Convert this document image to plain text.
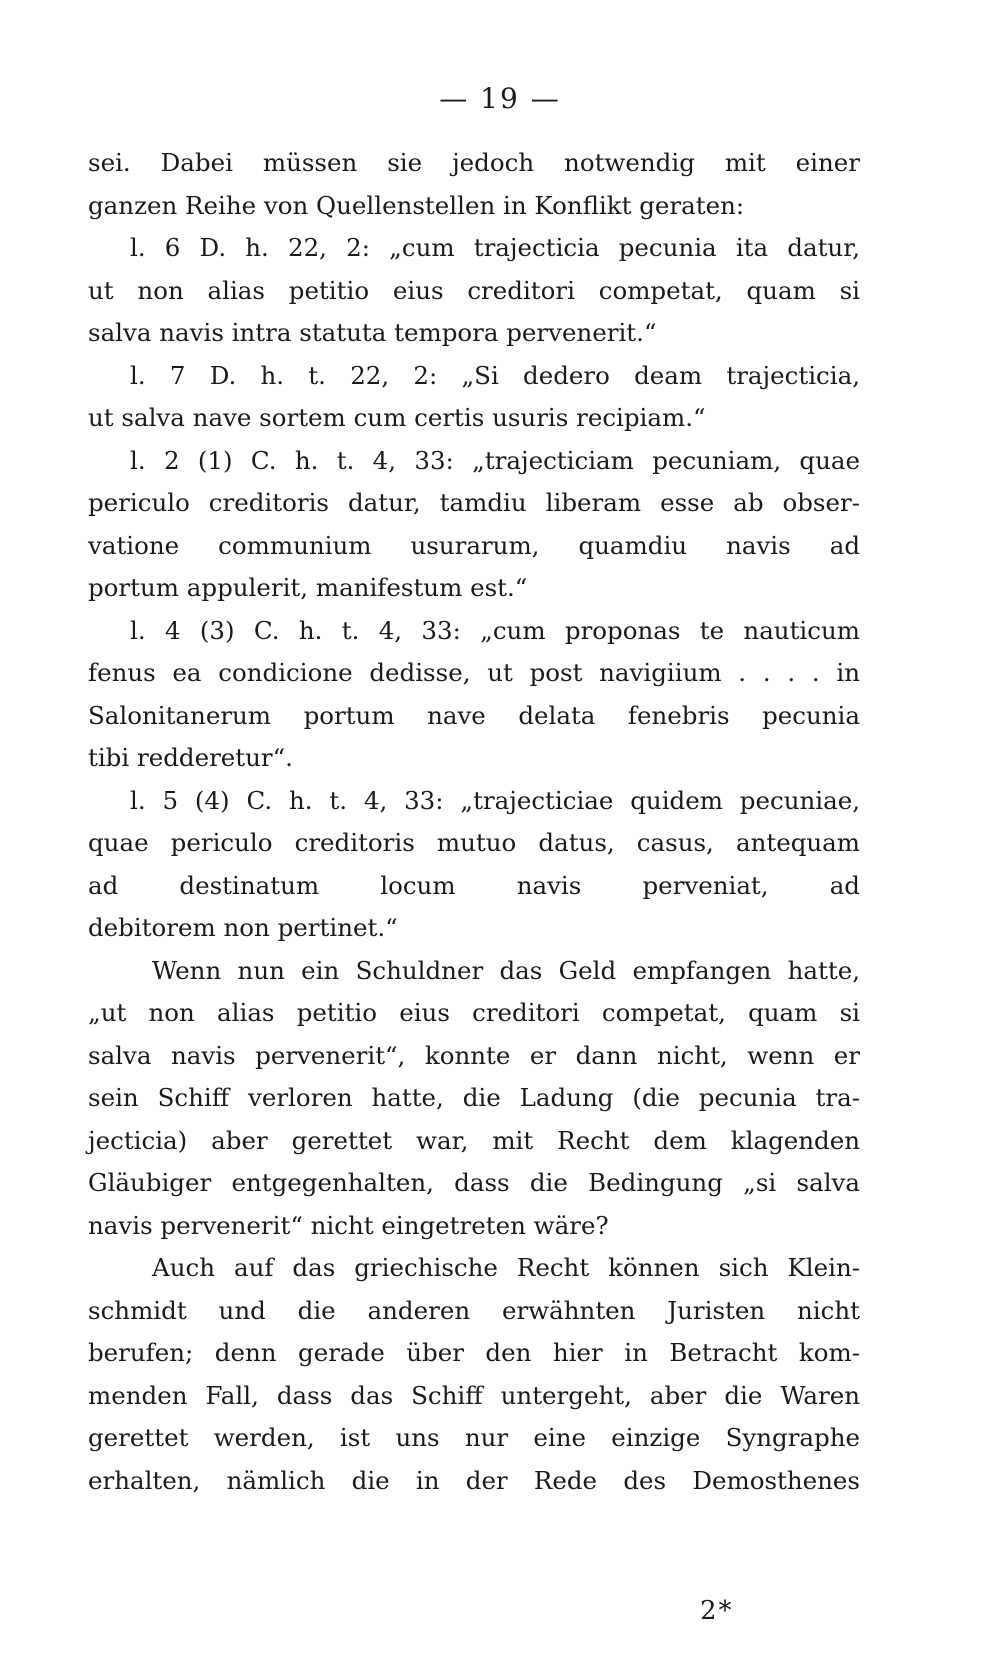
— 19 —
sei. Dabei müssen sie jedoch notwendig mit einer
ganzen Reihe von Quellenstellen in Konflikt geraten:
l. 6 D. h. 22, 2: „cum trajecticia pecunia ita datur,
ut non alias petitio eius creditori competat, quam si
salva navis intra statuta tempora pervenerit.“
l. 7 D. h. t. 22, 2: „Si dedero deam trajecticia,
ut salva nave sortem cum certis usuris recipiam.“
l. 2 (1) C. h. t. 4, 33: „trajecticiam pecuniam, quae
periculo creditoris datur, tamdiu liberam esse ab obser-
vatione communium usurarum, quamdiu navis ad
portum appulerit, manifestum est.“
l. 4 (3) C. h. t. 4, 33: „cum proponas te nauticum
fenus ea condicione dedisse, ut post navigiium . . . . in
Salonitanerum portum nave delata fenebris pecunia
tibi redderetur“.
l. 5 (4) C. h. t. 4, 33: „trajecticiae quidem pecuniae,
quae periculo creditoris mutuo datus, casus, antequam
ad destinatum locum navis perveniat, ad
debitorem non pertinet.“
Wenn nun ein Schuldner das Geld empfangen hatte,
„ut non alias petitio eius creditori competat, quam si
salva navis pervenerit“, konnte er dann nicht, wenn er
sein Schiff verloren hatte, die Ladung (die pecunia tra-
jecticia) aber gerettet war, mit Recht dem klagenden
Gläubiger entgegenhalten, dass die Bedingung „si salva
navis pervenerit“ nicht eingetreten wäre?
Auch auf das griechische Recht können sich Klein-
schmidt und die anderen erwähnten Juristen nicht
berufen; denn gerade über den hier in Betracht kom-
menden Fall, dass das Schiff untergeht, aber die Waren
gerettet werden, ist uns nur eine einzige Syngraphe
erhalten, nämlich die in der Rede des Demosthenes
2*
